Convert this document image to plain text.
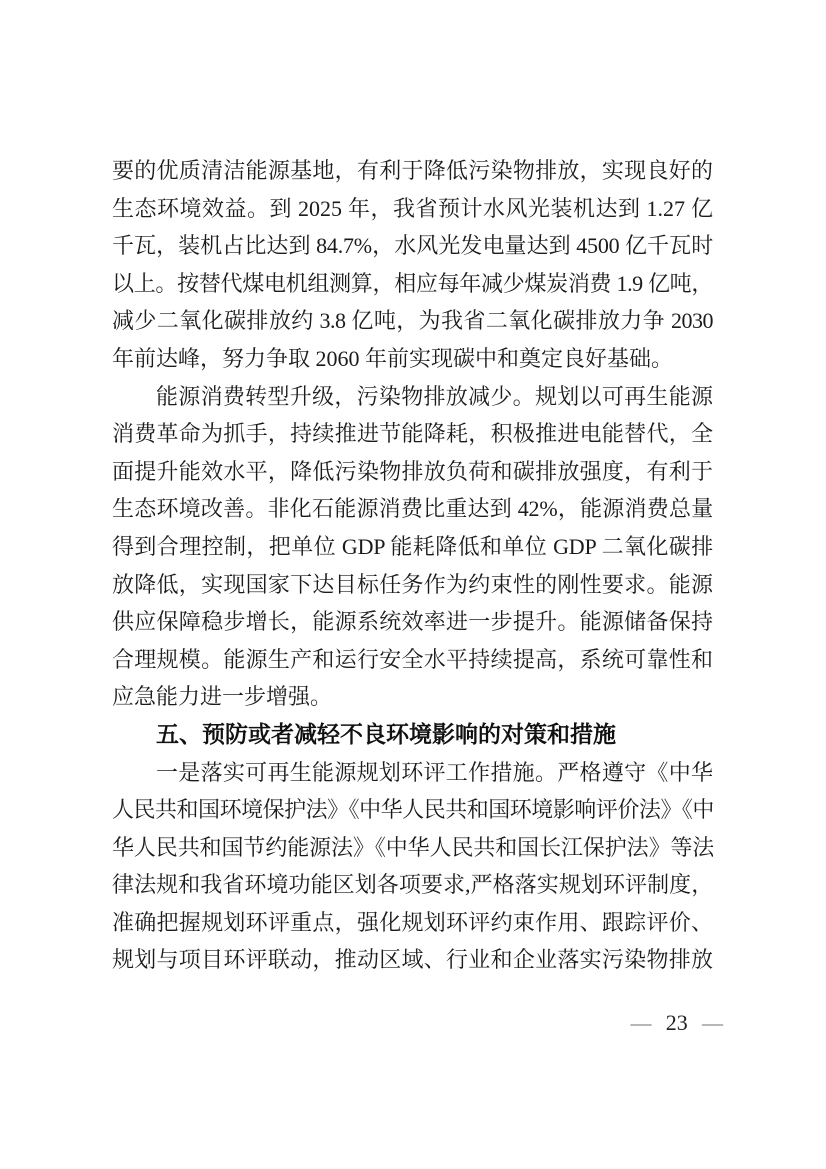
要的优质清洁能源基地，有利于降低污染物排放，实现良好的
生态环境效益。到 2025 年，我省预计水风光装机达到 1.27 亿
千瓦，装机占比达到 84.7%，水风光发电量达到 4500 亿千瓦时
以上。按替代煤电机组测算，相应每年减少煤炭消费 1.9 亿吨，
减少二氧化碳排放约 3.8 亿吨，为我省二氧化碳排放力争 2030
年前达峰，努力争取 2060 年前实现碳中和奠定良好基础。
能源消费转型升级，污染物排放减少。规划以可再生能源
消费革命为抓手，持续推进节能降耗，积极推进电能替代，全
面提升能效水平，降低污染物排放负荷和碳排放强度，有利于
生态环境改善。非化石能源消费比重达到 42%，能源消费总量
得到合理控制，把单位 GDP 能耗降低和单位 GDP 二氧化碳排
放降低，实现国家下达目标任务作为约束性的刚性要求。能源
供应保障稳步增长，能源系统效率进一步提升。能源储备保持
合理规模。能源生产和运行安全水平持续提高，系统可靠性和
应急能力进一步增强。
五、预防或者减轻不良环境影响的对策和措施
一是落实可再生能源规划环评工作措施。严格遵守《中华
人民共和国环境保护法》《中华人民共和国环境影响评价法》《中
华人民共和国节约能源法》《中华人民共和国长江保护法》等法
律法规和我省环境功能区划各项要求,严格落实规划环评制度，
准确把握规划环评重点，强化规划环评约束作用、跟踪评价、
规划与项目环评联动，推动区域、行业和企业落实污染物排放
— 23 —
